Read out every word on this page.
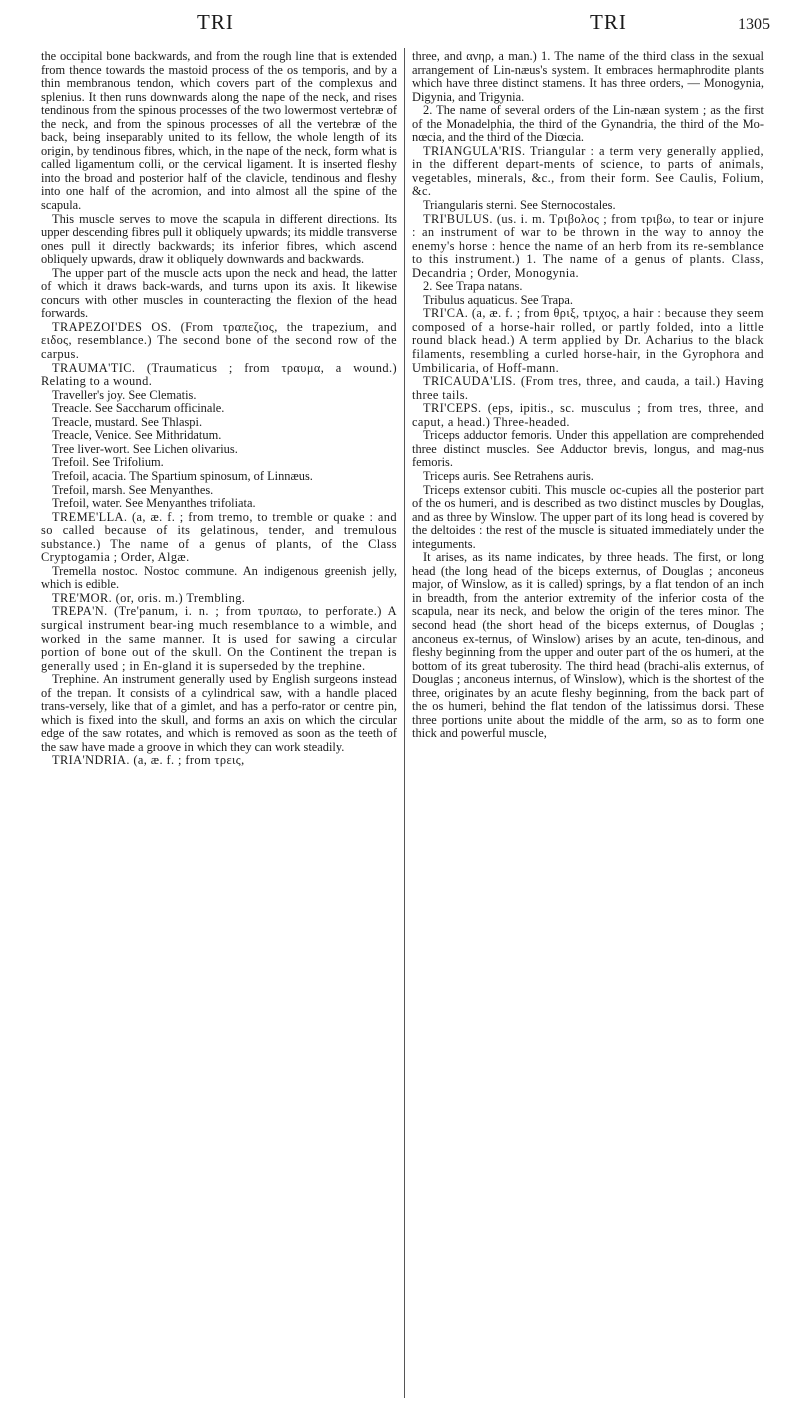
TRI	TRI	1305

the occipital bone backwards, and from the rough line that is extended from thence towards the mastoid process of the os temporis, and by a thin membranous tendon, which covers part of the complexus and splenius. It then runs downwards along the nape of the neck, and rises tendinous from the spinous processes of the two lowermost vertebræ of the neck, and from the spinous processes of all the vertebræ of the back, being inseparably united to its fellow, the whole length of its origin, by tendinous fibres, which, in the nape of the neck, form what is called ligamentum colli, or the cervical ligament. It is inserted fleshy into the broad and posterior half of the clavicle, tendinous and fleshy into one half of the acromion, and into almost all the spine of the scapula.

This muscle serves to move the scapula in different directions. Its upper descending fibres pull it obliquely upwards; its middle transverse ones pull it directly backwards; its inferior fibres, which ascend obliquely upwards, draw it obliquely downwards and backwards.

The upper part of the muscle acts upon the neck and head, the latter of which it draws back-wards, and turns upon its axis. It likewise concurs with other muscles in counteracting the flexion of the head forwards.

TRAPEZOI'DES OS. (From τραπεζιος, the trapezium, and ειδος, resemblance.) The second bone of the second row of the carpus.

TRAUMA'TIC. (Traumaticus ; from τραυμα, a wound.) Relating to a wound.

Traveller's joy. See Clematis.

Treacle. See Saccharum officinale.

Treacle, mustard. See Thlaspi.

Treacle, Venice. See Mithridatum.

Tree liver-wort. See Lichen olivarius.

Trefoil. See Trifolium.

Trefoil, acacia. The Spartium spinosum, of Linnæus.

Trefoil, marsh. See Menyanthes.

Trefoil, water. See Menyanthes trifoliata.

TREME'LLA. (a, æ. f. ; from tremo, to tremble or quake : and so called because of its gelatinous, tender, and tremulous substance.) The name of a genus of plants, of the Class Cryptogamia ; Order, Algæ.

Tremella nostoc. Nostoc commune. An indigenous greenish jelly, which is edible.

TRE'MOR. (or, oris. m.) Trembling.

TREPA'N. (Tre'panum, i. n. ; from τρυπαω, to perforate.) A surgical instrument bear-ing much resemblance to a wimble, and worked in the same manner. It is used for sawing a circular portion of bone out of the skull. On the Continent the trepan is generally used ; in En-gland it is superseded by the trephine.

Trephine. An instrument generally used by English surgeons instead of the trepan. It consists of a cylindrical saw, with a handle placed trans-versely, like that of a gimlet, and has a perfo-rator or centre pin, which is fixed into the skull, and forms an axis on which the circular edge of the saw rotates, and which is removed as soon as the teeth of the saw have made a groove in which they can work steadily.

TRIA'NDRIA. (a, æ. f. ; from τρεις,

three, and ανηρ, a man.) 1. The name of the third class in the sexual arrangement of Lin-næus's system. It embraces hermaphrodite plants which have three distinct stamens. It has three orders, — Monogynia, Digynia, and Trigynia.

2. The name of several orders of the Lin-næan system ; as the first of the Monadelphia, the third of the Gynandria, the third of the Mo-nœcia, and the third of the Diœcia.

TRIANGULA'RIS. Triangular : a term very generally applied, in the different depart-ments of science, to parts of animals, vegetables, minerals, &c., from their form. See Caulis, Folium, &c.

Triangularis sterni. See Sternocostales.

TRI'BULUS. (us. i. m. Τριβολος ; from τριβω, to tear or injure : an instrument of war to be thrown in the way to annoy the enemy's horse : hence the name of an herb from its re-semblance to this instrument.) 1. The name of a genus of plants. Class, Decandria ; Order, Monogynia.

2. See Trapa natans.

Tribulus aquaticus. See Trapa.

TRI'CA. (a, æ. f. ; from θριξ, τριχος, a hair : because they seem composed of a horse-hair rolled, or partly folded, into a little round black head.) A term applied by Dr. Acharius to the black filaments, resembling a curled horse-hair, in the Gyrophora and Umbilicaria, of Hoff-mann.

TRICAUDA'LIS. (From tres, three, and cauda, a tail.) Having three tails.

TRI'CEPS. (eps, ipitis., sc. musculus ; from tres, three, and caput, a head.) Three-headed.

Triceps adductor femoris. Under this appellation are comprehended three distinct muscles. See Adductor brevis, longus, and mag-nus femoris.

Triceps auris. See Retrahens auris.

Triceps extensor cubiti. This muscle oc-cupies all the posterior part of the os humeri, and is described as two distinct muscles by Douglas, and as three by Winslow. The upper part of its long head is covered by the deltoides : the rest of the muscle is situated immediately under the integuments.

It arises, as its name indicates, by three heads. The first, or long head (the long head of the biceps externus, of Douglas ; anconeus major, of Winslow, as it is called) springs, by a flat tendon of an inch in breadth, from the anterior extremity of the inferior costa of the scapula, near its neck, and below the origin of the teres minor. The second head (the short head of the biceps externus, of Douglas ; anconeus ex-ternus, of Winslow) arises by an acute, ten-dinous, and fleshy beginning from the upper and outer part of the os humeri, at the bottom of its great tuberosity. The third head (brachi-alis externus, of Douglas ; anconeus internus, of Winslow), which is the shortest of the three, originates by an acute fleshy beginning, from the back part of the os humeri, behind the flat tendon of the latissimus dorsi. These three portions unite about the middle of the arm, so as to form one thick and powerful muscle,
